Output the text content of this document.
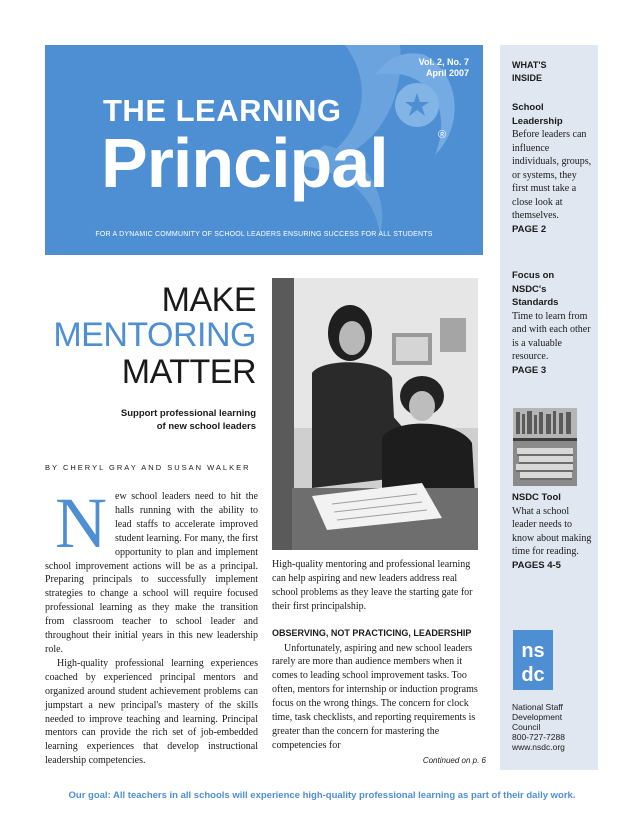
Vol. 2, No. 7
April 2007
THE LEARNING
Principal	®
FOR A DYNAMIC COMMUNITY OF SCHOOL LEADERS ENSURING SUCCESS FOR ALL STUDENTS
WHAT'S
INSIDE
School
Leadership
Before leaders can influence individuals, groups, or systems, they first must take a close look at themselves.
PAGE 2
Focus on
NSDC's
Standards
Time to learn from and with each other is a valuable resource.
PAGE 3
NSDC Tool
What a school leader needs to know about making time for reading.
PAGES 4-5
ns
dc
National Staff
Development
Council
800-727-7288
www.nsdc.org
MAKE
MENTORING
MATTER
Support professional learning
of new school leaders
BY CHERYL GRAY AND SUSAN WALKER
N ew school leaders need to hit the halls running with the ability to lead staffs to accelerate improved student learning. For many, the first opportunity to plan and implement school improvement actions will be as a principal. Preparing principals to successfully implement strategies to change a school will require focused professional learning as they make the transition from classroom teacher to school leader and throughout their initial years in this new leadership role.

High-quality professional learning experiences coached by experienced principal mentors and organized around student achievement problems can jumpstart a new principal's mastery of the skills needed to improve teaching and learning. Principal mentors can provide the rich set of job-embedded learning experiences that develop instructional leadership competencies.

High-quality mentoring and professional learning can help aspiring and new leaders address real school problems as they leave the starting gate for their first principalship.

OBSERVING, NOT PRACTICING, LEADERSHIP

Unfortunately, aspiring and new school leaders rarely are more than audience members when it comes to leading school improvement tasks. Too often, mentors for internship or induction programs focus on the wrong things. The concern for clock time, task checklists, and reporting requirements is greater than the concern for mastering the competencies for

Continued on p. 6
Our goal: All teachers in all schools will experience high-quality professional learning as part of their daily work.
